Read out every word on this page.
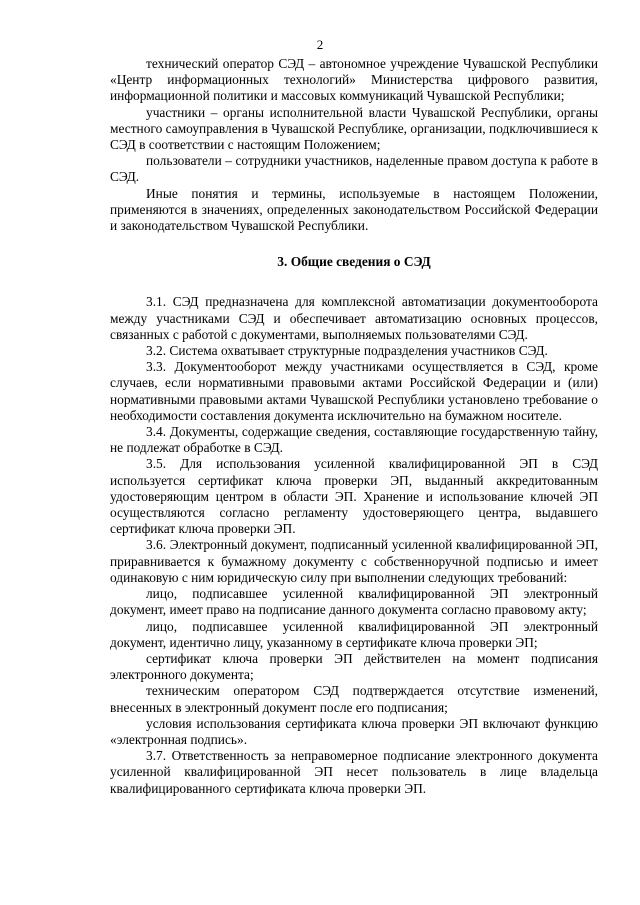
2

технический оператор СЭД – автономное учреждение Чувашской Республики «Центр информационных технологий» Министерства цифрового развития, информационной политики и массовых коммуникаций Чувашской Республики;

участники – органы исполнительной власти Чувашской Республики, органы местного самоуправления в Чувашской Республике, организации, подключившиеся к СЭД в соответствии с настоящим Положением;

пользователи – сотрудники участников, наделенные правом доступа к работе в СЭД.

Иные понятия и термины, используемые в настоящем Положении, применяются в значениях, определенных законодательством Российской Федерации и законодательством Чувашской Республики.

3. Общие сведения о СЭД

3.1. СЭД предназначена для комплексной автоматизации документооборота между участниками СЭД и обеспечивает автоматизацию основных процессов, связанных с работой с документами, выполняемых пользователями СЭД.

3.2. Система охватывает структурные подразделения участников СЭД.

3.3. Документооборот между участниками осуществляется в СЭД, кроме случаев, если нормативными правовыми актами Российской Федерации и (или) нормативными правовыми актами Чувашской Республики установлено требование о необходимости составления документа исключительно на бумажном носителе.

3.4. Документы, содержащие сведения, составляющие государственную тайну, не подлежат обработке в СЭД.

3.5. Для использования усиленной квалифицированной ЭП в СЭД используется сертификат ключа проверки ЭП, выданный аккредитованным удостоверяющим центром в области ЭП. Хранение и использование ключей ЭП осуществляются согласно регламенту удостоверяющего центра, выдавшего сертификат ключа проверки ЭП.

3.6. Электронный документ, подписанный усиленной квалифицированной ЭП, приравнивается к бумажному документу с собственноручной подписью и имеет одинаковую с ним юридическую силу при выполнении следующих требований:

лицо, подписавшее усиленной квалифицированной ЭП электронный документ, имеет право на подписание данного документа согласно правовому акту;

лицо, подписавшее усиленной квалифицированной ЭП электронный документ, идентично лицу, указанному в сертификате ключа проверки ЭП;

сертификат ключа проверки ЭП действителен на момент подписания электронного документа;

техническим оператором СЭД подтверждается отсутствие изменений, внесенных в электронный документ после его подписания;

условия использования сертификата ключа проверки ЭП включают функцию «электронная подпись».

3.7. Ответственность за неправомерное подписание электронного документа усиленной квалифицированной ЭП несет пользователь в лице владельца квалифицированного сертификата ключа проверки ЭП.
